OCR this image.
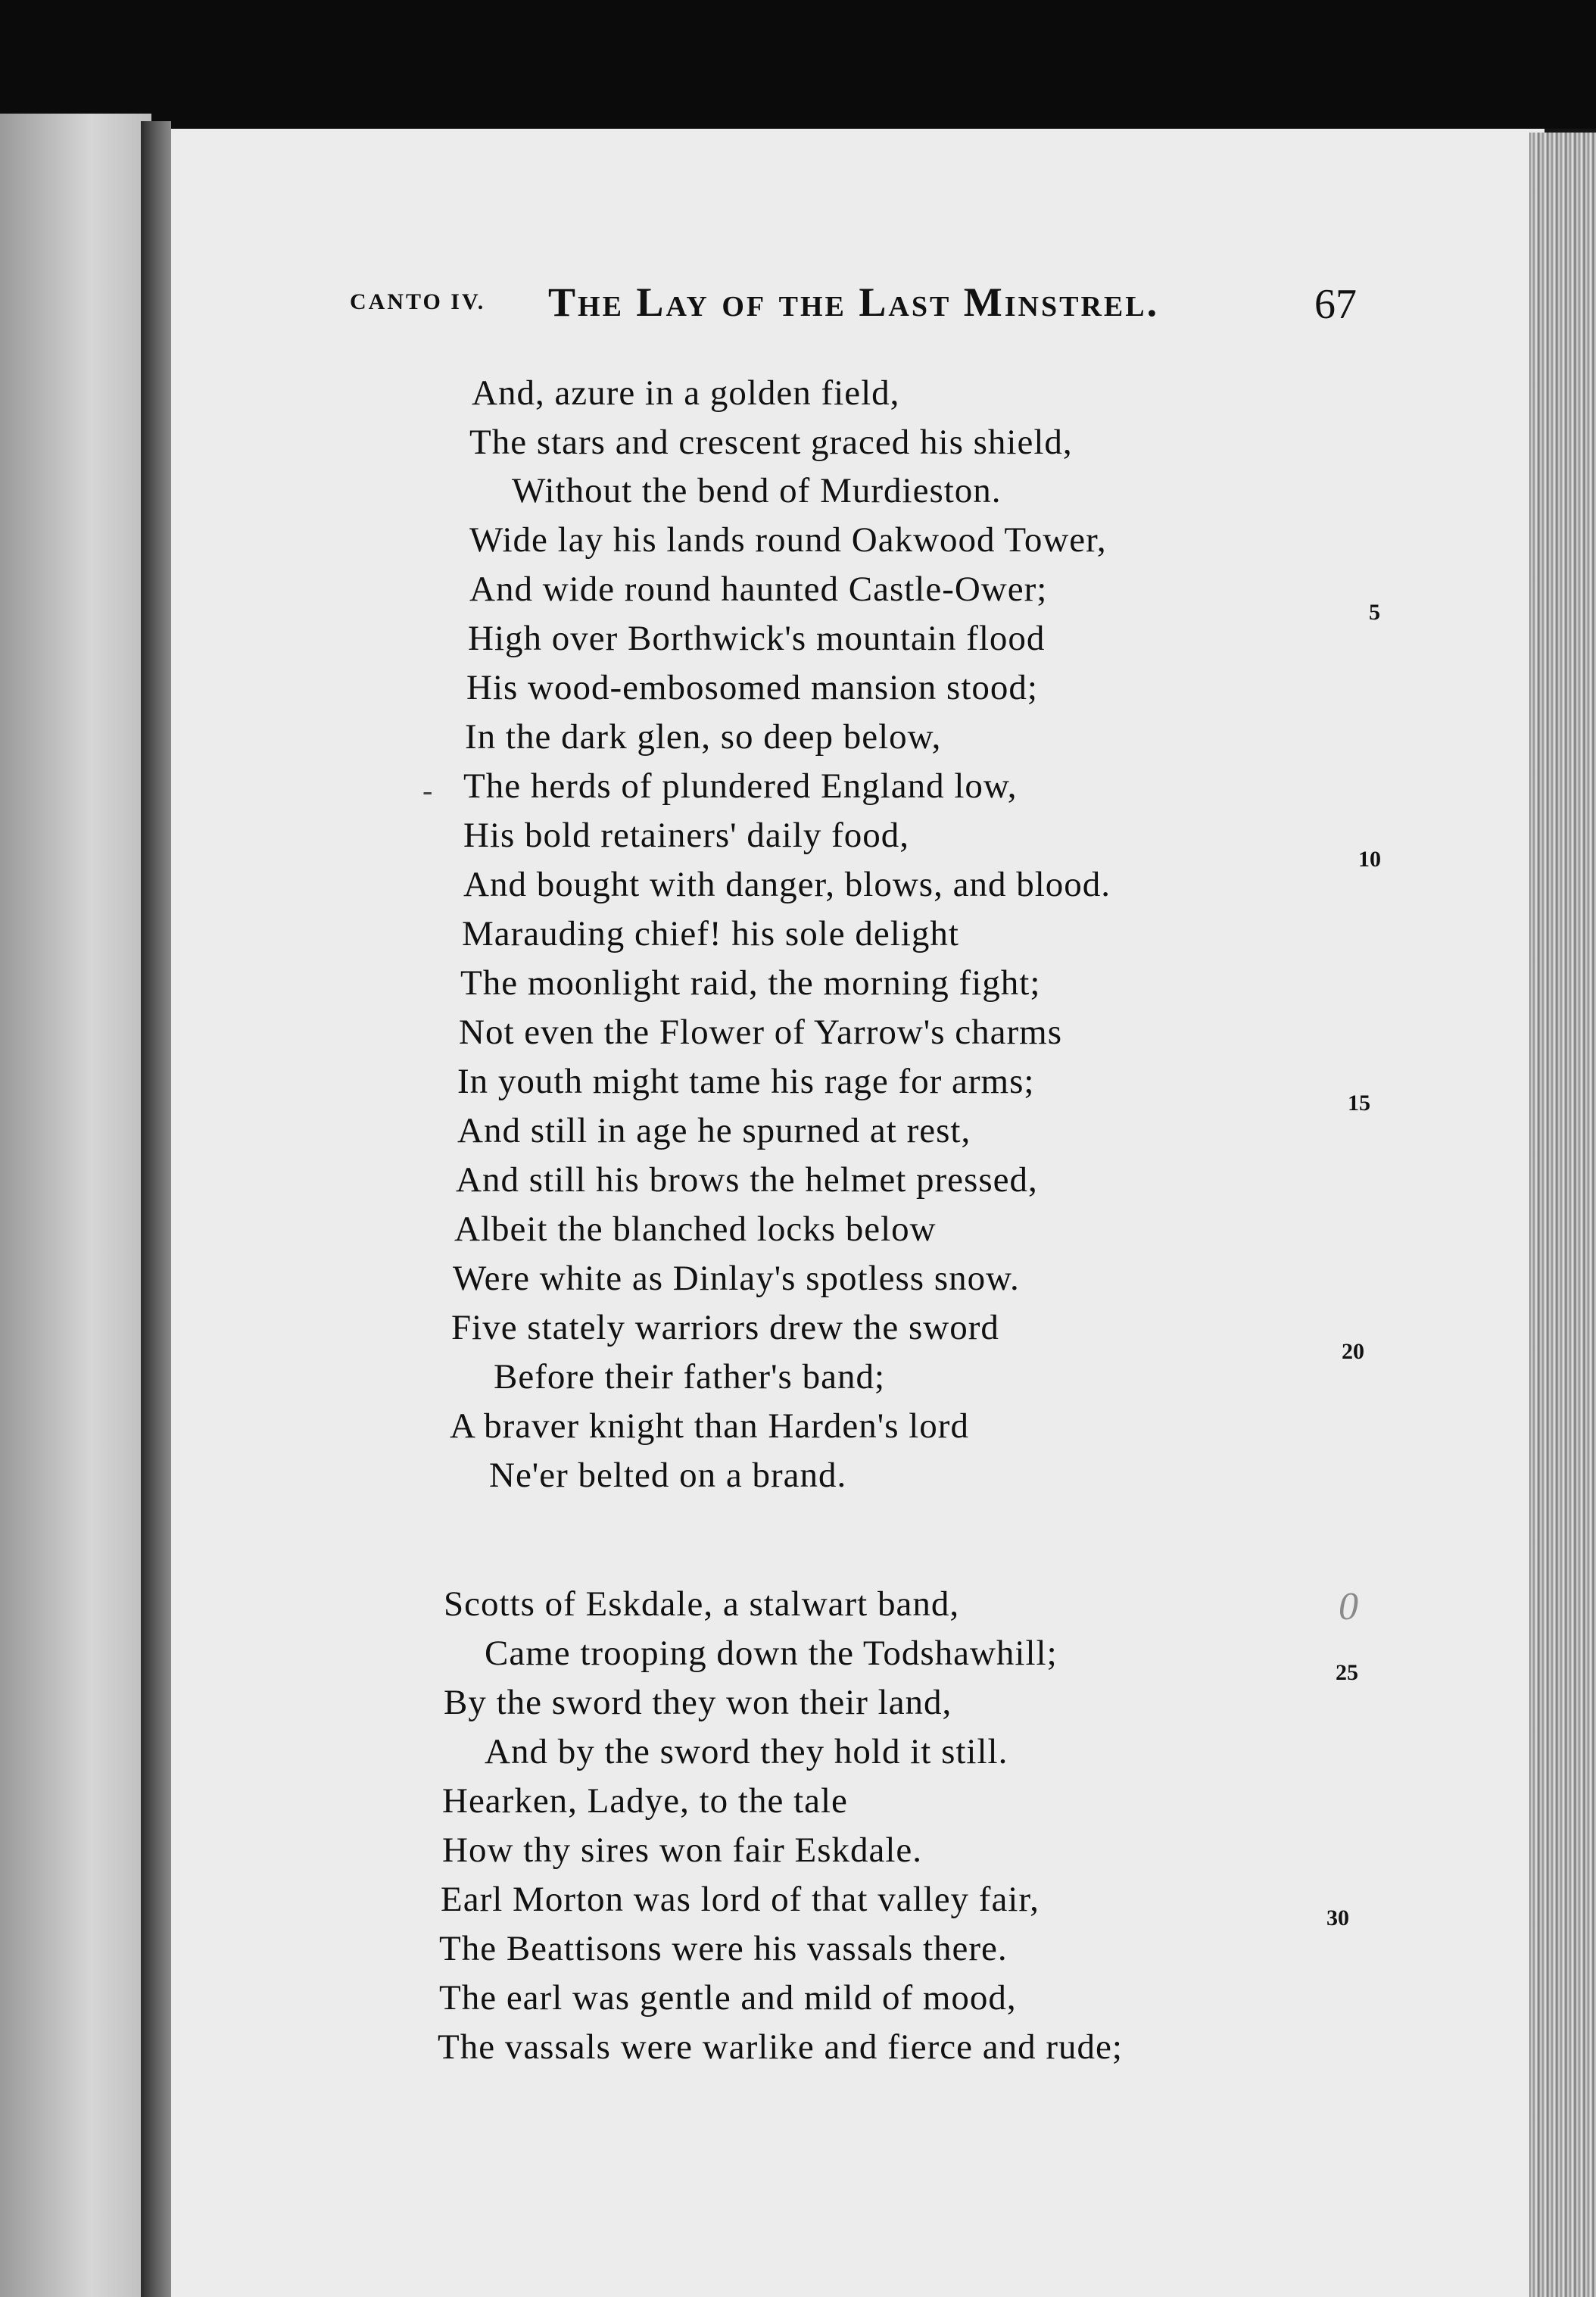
CANTO IV. The Lay of the Last Minstrel.	67
-
And, azure in a golden field,
The stars and crescent graced his shield,
Without the bend of Murdieston.
Wide lay his lands round Oakwood Tower,
And wide round haunted Castle-Ower;
High over Borthwick's mountain flood
His wood-embosomed mansion stood;
In the dark glen, so deep below,
The herds of plundered England low,
His bold retainers' daily food,
And bought with danger, blows, and blood.
Marauding chief! his sole delight
The moonlight raid, the morning fight;
Not even the Flower of Yarrow's charms
In youth might tame his rage for arms;
And still in age he spurned at rest,
And still his brows the helmet pressed,
Albeit the blanched locks below
Were white as Dinlay's spotless snow.
Five stately warriors drew the sword
Before their father's band;
A braver knight than Harden's lord
Ne'er belted on a brand.
Scotts of Eskdale, a stalwart band,
Came trooping down the Todshawhill;
By the sword they won their land,
And by the sword they hold it still.
Hearken, Ladye, to the tale
How thy sires won fair Eskdale.
Earl Morton was lord of that valley fair,
The Beattisons were his vassals there.
The earl was gentle and mild of mood,
The vassals were warlike and fierce and rude;
5
10
15
20
25
30
0
